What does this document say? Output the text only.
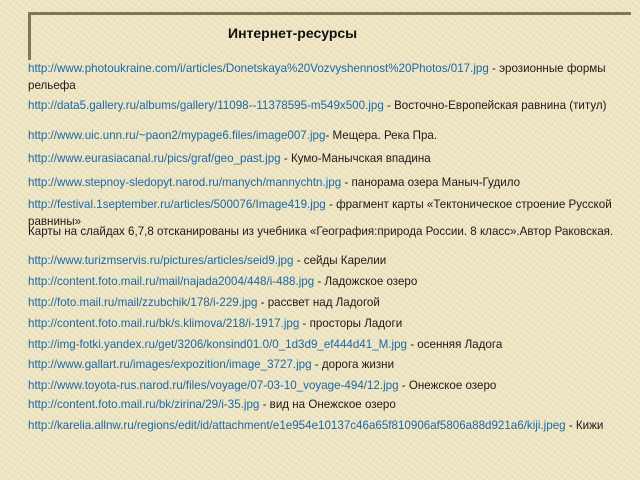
Интернет-ресурсы
http://www.photoukraine.com/i/articles/Donetskaya%20Vozvyshennost%20Photos/017.jpg - эрозионные формы рельефа
http://data5.gallery.ru/albums/gallery/11098--11378595-m549x500.jpg - Восточно-Европейская равнина (титул)
http://www.uic.unn.ru/~paon2/mypage6.files/image007.jpg- Мещера. Река Пра.
http://www.eurasiacanal.ru/pics/graf/geo_past.jpg - Кумо-Манычская впадина
http://www.stepnoy-sledopyt.narod.ru/manych/mannychtn.jpg - панорама озера Маныч-Гудило
http://festival.1september.ru/articles/500076/Image419.jpg - фрагмент карты «Тектоническое строение Русской равнины»
Карты на слайдах 6,7,8 отсканированы из учебника «География:природа России. 8 класс».Автор Раковская.
http://www.turizmservis.ru/pictures/articles/seid9.jpg - сейды Карелии
http://content.foto.mail.ru/mail/najada2004/448/i-488.jpg - Ладожское озеро
http://foto.mail.ru/mail/zzubchik/178/i-229.jpg - рассвет над Ладогой
http://content.foto.mail.ru/bk/s.klimova/218/i-1917.jpg - просторы Ладоги
http://img-fotki.yandex.ru/get/3206/konsind01.0/0_1d3d9_ef444d41_M.jpg - осенняя Ладога
http://www.gallart.ru/images/expozition/image_3727.jpg - дорога жизни
http://www.toyota-rus.narod.ru/files/voyage/07-03-10_voyage-494/12.jpg - Онежское озеро
http://content.foto.mail.ru/bk/zirina/29/i-35.jpg - вид на Онежское озеро
http://karelia.allnw.ru/regions/edit/id/attachment/e1e954e10137c46a65f810906af5806a88d921a6/kiji.jpeg - Кижи
